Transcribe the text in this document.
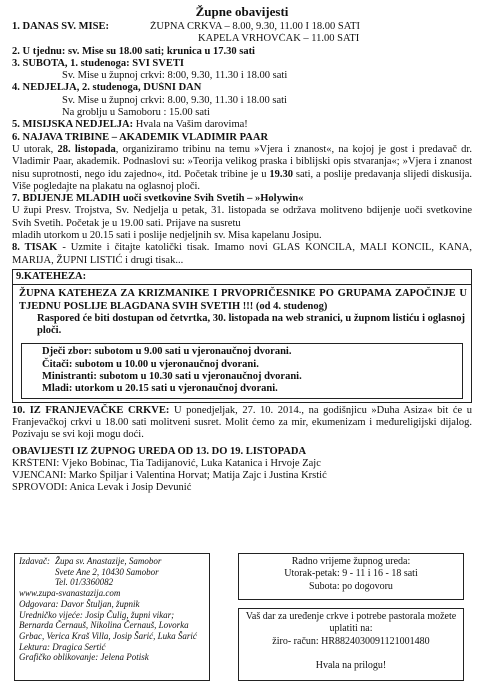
Župne obavijesti
1. DANAS SV. MISE:	ŽUPNA CRKVA – 8.00, 9.30, 11.00 I 18.00 SATI
KAPELA VRHOVČAK – 11.00 SATI
2. U tjednu: sv. Mise su 18.00 sati; krunica u 17.30 sati
3. SUBOTA, 1. studenoga: SVI SVETI
Sv. Mise u župnoj crkvi: 8:00, 9.30, 11.30 i 18.00 sati
4. NEDJELJA, 2. studenoga, DUŠNI DAN
Sv. Mise u župnoj crkvi: 8.00, 9.30, 11.30 i 18.00 sati
Na groblju u Samoboru : 15.00 sati
5. MISIJSKA NEDJELJA: Hvala na Vašim darovima!
6. NAJAVA TRIBINE – AKADEMIK VLADIMIR PAAR
U utorak, 28. listopada, organiziramo tribinu na temu »Vjera i znanost«, na kojoj je gost i predavač dr. Vladimir Paar, akademik. Podnaslovi su: »Teorija velikog praska i biblijski opis stvaranja«; »Vjera i znanost nisu suprotnosti, nego idu zajedno«, itd. Početak tribine je u 19.30 sati, a poslije predavanja slijedi diskusija. Više pogledajte na plakatu na oglasnoj ploči.
7. BDIJENJE MLADIH uoči svetkovine Svih Svetih – »Holywin«
U župi Presv. Trojstva, Sv. Nedjelja u petak, 31. listopada se održava molitveno bdijenje uoči svetkovine Svih Svetih. Početak je u 19.00 sati. Prijave na susretu
mladih utorkom u 20.15 sati i poslije nedjeljnih sv. Misa kapelanu Josipu.
8. TISAK - Uzmite i čitajte katolički tisak. Imamo novi GLAS KONCILA, MALI KONCIL, KANA, MARIJA, ŽUPNI LISTIĆ i drugi tisak...
9.KATEHEZA:
ŽUPNA KATEHEZA ZA KRIZMANIKE I PRVOPRIČESNIKE PO GRUPAMA ZAPOČINJE U TJEDNU POSLIJE BLAGDANA SVIH SVETIH !!! (od 4. studenog)
Raspored će biti dostupan od četvrtka, 30. listopada na web stranici, u župnom listiću i oglasnoj ploči.
Dječi zbor: subotom u 9.00 sati u vjeronaučnoj dvorani.
Čitači: subotom u 10.00 u vjeronaučnoj dvorani.
Ministranti: subotom u 10.30 sati u vjeronaučnoj dvorani.
Mladi: utorkom u 20.15 sati u vjeronaučnoj dvorani.
10. IZ FRANJEVAČKE CRKVE: U ponedjeljak, 27. 10. 2014., na godišnjicu »Duha Asiza« bit će u Franjevačkoj crkvi u 18.00 sati molitveni susret. Molit ćemo za mir, ekumenizam i međureligijski dijalog. Pozivaju se svi koji mogu doći.
OBAVIJESTI IZ ŽUPNOG UREDA OD 13. DO 19. LISTOPADA
KRŠTENI: Vjeko Bobinac, Tia Tadijanović, Luka Katanica i Hrvoje Zajc
VJENČANI: Marko Špiljar i Valentina Horvat; Matija Zajc i Justina Krstić
SPROVODI: Anica Levak i Josip Devunić
Izdavač: Župa sv. Anastazije, Samobor
Svete Ane 2, 10430 Samobor
Tel. 01/3360082
www.zupa-svanastazija.com
Odgovara: Davor Štuljan, župnik
Uredničko vijeće: Josip Čulig, župni vikar;
Bernarda Černauš, Nikolina Černauš, Lovorka
Grbac, Verica Kraš Villa, Josip Šarić, Luka Šarić
Lektura: Dragica Sertić
Grafičko oblikovanje: Jelena Potisk
Radno vrijeme župnog ureda:
Utorak-petak: 9 - 11 i 16 - 18 sati
Subota: po dogovoru
Vaš dar za uređenje crkve i potrebe pastorala možete
uplatiti na:
žiro- račun: HR8824030091121001480
Hvala na prilogu!
